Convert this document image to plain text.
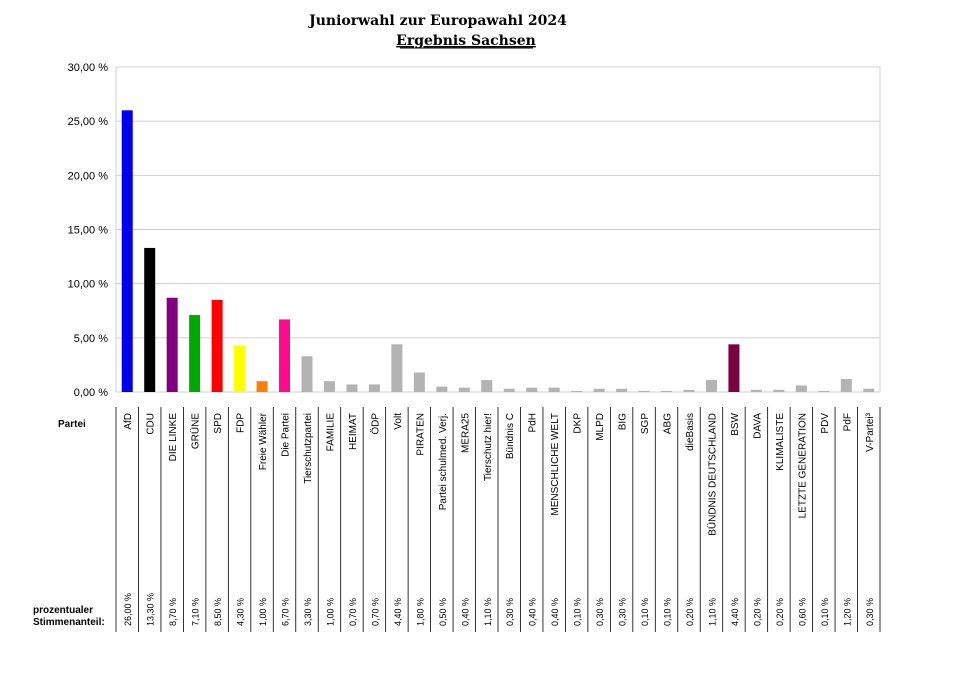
Juniorwahl zur Europawahl 2024
Ergebnis Sachsen
0,00 %
5,00 %
10,00 %
15,00 %
20,00 %
25,00 %
30,00 %
AfD
26,00 %
CDU
13,30 %
DIE LINKE
8,70 %
GRÜNE
7,10 %
SPD
8,50 %
FDP
4,30 %
Freie Wähler
1,00 %
Die Partei
6,70 %
Tierschutzpartei
3,30 %
FAMILIE
1,00 %
HEIMAT
0,70 %
ÖDP
0,70 %
Volt
4,40 %
PIRATEN
1,80 %
Partei schulmed. Verj.
0,50 %
MERA25
0,40 %
Tierschutz hier!
1,10 %
Bündnis C
0,30 %
PdH
0,40 %
MENSCHLICHE WELT
0,40 %
DKP
0,10 %
MLPD
0,30 %
BIG
0,30 %
SGP
0,10 %
ABG
0,10 %
dieBasis
0,20 %
BÜNDNIS DEUTSCHLAND
1,10 %
BSW
4,40 %
DAVA
0,20 %
KLIMALISTE
0,20 %
LETZTE GENERATION
0,60 %
PDV
0,10 %
PdF
1,20 %
V-Partei³
0,30 %
Partei
prozentualer
Stimmenanteil:
